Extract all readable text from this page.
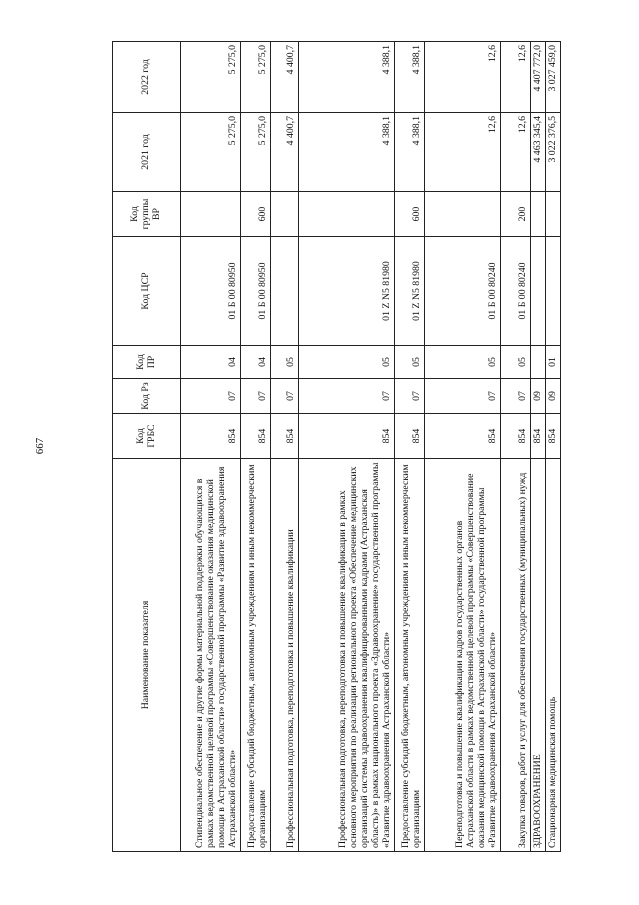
667
Наименование показателя	Код ГРБС	Код Рз	Код ПР	Код ЦСР	Код группы ВР	2021 год	2022 год
Стипендиальное обеспечение и другие формы материальной поддержки обучающихся в рамках ведомственной целевой программы «Совершенствование оказания медицинской помощи в Астраханской области» государственной программы «Развитие здравоохранения Астраханской области»	854	07	04	01 Б 00 80950		5 275,0	5 275,0
Предоставление субсидий бюджетным, автономным учреждениям и иным некоммерческим организациям	854	07	04	01 Б 00 80950	600	5 275,0	5 275,0
Профессиональная подготовка, переподготовка и повышение квалификации	854	07	05			4 400,7	4 400,7
Профессиональная подготовка, переподготовка и повышение квалификации в рамках основного мероприятия по реализации регионального проекта «Обеспечение медицинских организаций системы здравоохранения квалифицированными кадрами (Астраханская область)» в рамках национального проекта «Здравоохранение» государственной программы «Развитие здравоохранения Астраханской области»	854	07	05	01 Z N5 81980		4 388,1	4 388,1
Предоставление субсидий бюджетным, автономным учреждениям и иным некоммерческим организациям	854	07	05	01 Z N5 81980	600	4 388,1	4 388,1
Переподготовка и повышение квалификации кадров государственных органов Астраханской области в рамках ведомственной целевой программы «Совершенствование оказания медицинской помощи в Астраханской области» государственной программы «Развитие здравоохранения Астраханской области»	854	07	05	01 Б 00 80240		12,6	12,6
Закупка товаров, работ и услуг для обеспечения государственных (муниципальных) нужд	854	07	05	01 Б 00 80240	200	12,6	12,6
ЗДРАВООХРАНЕНИЕ	854	09				4 463 345,4	4 407 772,0
Стационарная медицинская помощь	854	09	01			3 022 376,5	3 027 459,0
